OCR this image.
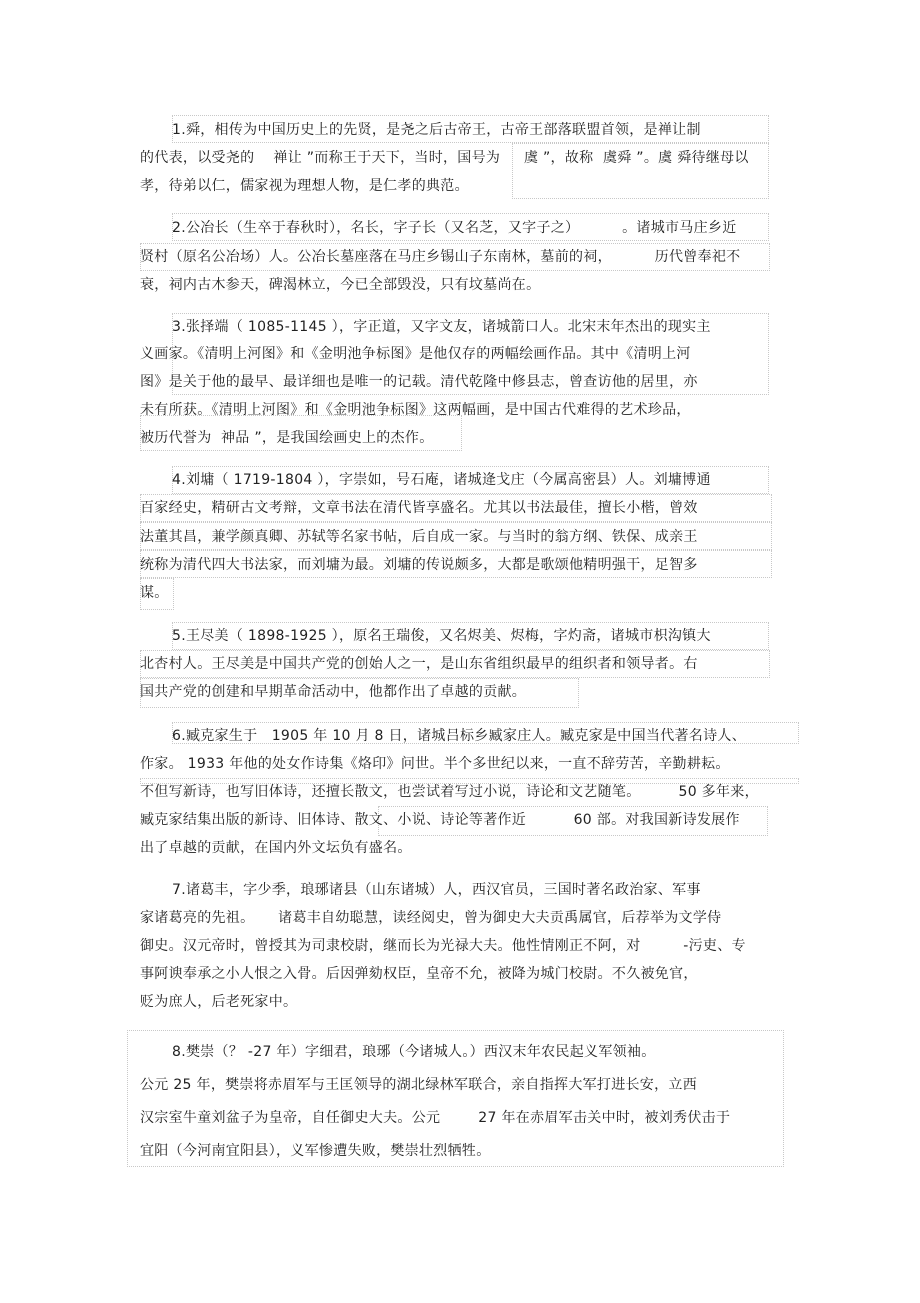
1.舜，相传为中国历史上的先贤，是尧之后古帝王，古帝王部落联盟首领，是禅让制
的代表，以受尧的    禅让 ”而称王于天下，当时，国号为     虞 ”，故称  虞舜 ”。虞 舜待继母以
孝，待弟以仁，儒家视为理想人物，是仁孝的典范。
2.公冶长（生卒于春秋时），名长，字子长（又名芝，又字子之）         。诸城市马庄乡近
贤村（原名公冶场）人。公冶长墓座落在马庄乡锡山子东南林，墓前的祠，         历代曾奉祀不
衰，祠内古木参天，碑渴林立，今已全部毁没，只有坟墓尚在。
3.张择端（ 1085-1145 ），字正道，又字文友，诸城箭口人。北宋末年杰出的现实主
义画家。《清明上河图》和《金明池争标图》是他仅存的两幅绘画作品。其中《清明上河
图》是关于他的最早、最详细也是唯一的记载。清代乾隆中修县志，曾查访他的居里，亦
未有所获。《清明上河图》和《金明池争标图》这两幅画，是中国古代难得的艺术珍品，
被历代誉为  神品 ”，是我国绘画史上的杰作。
4.刘墉（ 1719-1804 ），字崇如，号石庵，诸城逄戈庄（今属高密县）人。刘墉博通
百家经史，精研古文考辩，文章书法在清代皆享盛名。尤其以书法最佳，擅长小楷，曾效
法董其昌，兼学颜真卿、苏轼等名家书帖，后自成一家。与当时的翁方纲、铁保、成亲王
统称为清代四大书法家，而刘墉为最。刘墉的传说颇多，大都是歌颂他精明强干，足智多
谋。
5.王尽美（ 1898-1925 ），原名王瑞俊，又名烬美、烬梅，字灼斋，诸城市枳沟镇大
北杏村人。王尽美是中国共产党的创始人之一，是山东省组织最早的组织者和领导者。右
国共产党的创建和早期革命活动中，他都作出了卓越的贡献。
6.臧克家生于   1905 年 10 月 8 日，诸城吕标乡臧家庄人。臧克家是中国当代著名诗人、
作家。 1933 年他的处女作诗集《烙印》问世。半个多世纪以来，一直不辞劳苦，辛勤耕耘。
不但写新诗，也写旧体诗，还擅长散文，也尝试着写过小说，诗论和文艺随笔。        50 多年来，
臧克家结集出版的新诗、旧体诗、散文、小说、诗论等著作近          60 部。对我国新诗发展作
出了卓越的贡献，在国内外文坛负有盛名。
7.诸葛丰，字少季，琅琊诸县（山东诸城）人，西汉官员，三国时著名政治家、军事
家诸葛亮的先祖。     诸葛丰自幼聪慧，读经阅史，曾为御史大夫贡禹属官，后荐举为文学侍
御史。汉元帝时，曾授其为司隶校尉，继而长为光禄大夫。他性情刚正不阿，对         -污吏、专
事阿谀奉承之小人恨之入骨。后因弹劾权臣，皇帝不允，被降为城门校尉。不久被免官，
贬为庶人，后老死家中。
8.樊崇（？ -27 年）字细君，琅琊（今诸城人。）西汉末年农民起义军领袖。
公元 25 年，樊崇将赤眉军与王匡领导的湖北绿林军联合，亲自指挥大军打进长安，立西
汉宗室牛童刘盆子为皇帝，自任御史大夫。公元        27 年在赤眉军击关中时，被刘秀伏击于
宜阳（今河南宜阳县），义军惨遭失败，樊崇壮烈牺牲。
